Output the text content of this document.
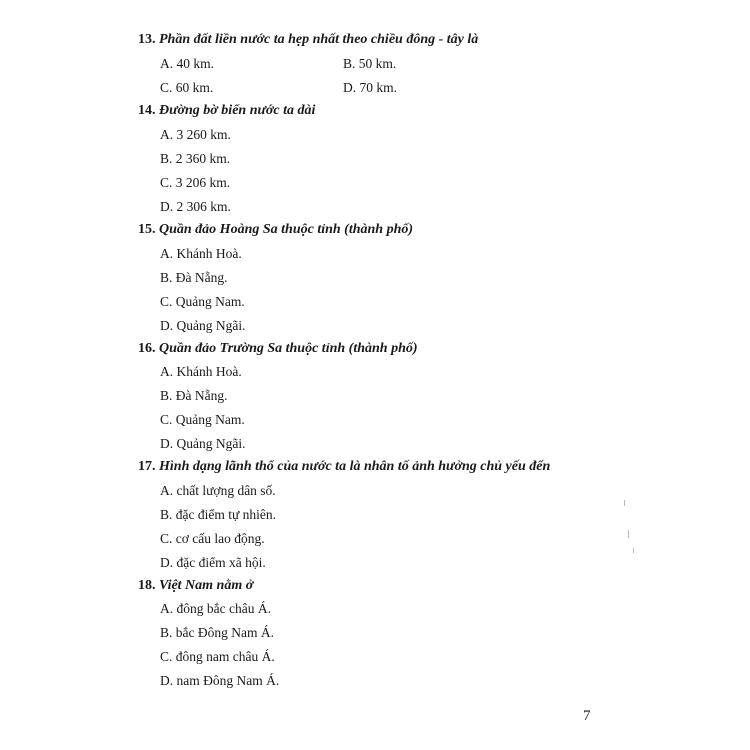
13. Phần đất liền nước ta hẹp nhất theo chiều đông - tây là
A. 40 km.	B. 50 km.
C. 60 km.	D. 70 km.
14. Đường bờ biển nước ta dài
A. 3 260 km.
B. 2 360 km.
C. 3 206 km.
D. 2 306 km.
15. Quần đảo Hoàng Sa thuộc tỉnh (thành phố)
A. Khánh Hoà.
B. Đà Nẵng.
C. Quảng Nam.
D. Quảng Ngãi.
16. Quần đảo Trường Sa thuộc tỉnh (thành phố)
A. Khánh Hoà.
B. Đà Nẵng.
C. Quảng Nam.
D. Quảng Ngãi.
17. Hình dạng lãnh thổ của nước ta là nhân tố ảnh hưởng chủ yếu đến
A. chất lượng dân số.
B. đặc điểm tự nhiên.
C. cơ cấu lao động.
D. đặc điểm xã hội.
18. Việt Nam nằm ở
A. đông bắc châu Á.
B. bắc Đông Nam Á.
C. đông nam châu Á.
D. nam Đông Nam Á.
7
